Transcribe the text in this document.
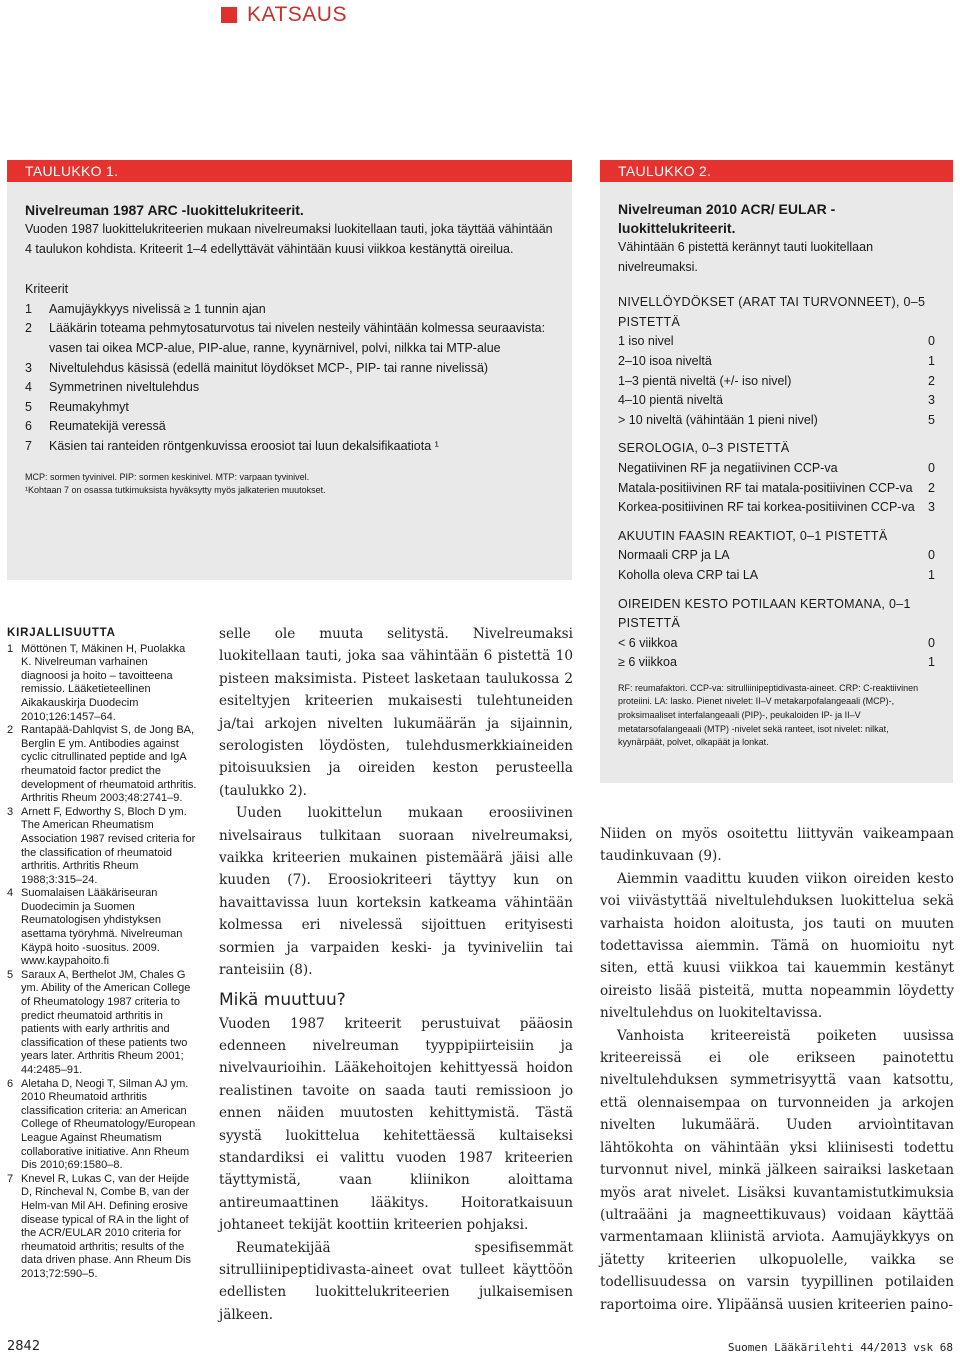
KATSAUS
TAULUKKO 1.
Nivelreuman 1987 ARC -luokittelukriteerit.
Vuoden 1987 luokittelukriteerien mukaan nivelreumaksi luokitellaan tauti, joka täyttää vähintään 4 taulukon kohdista. Kriteerit 1–4 edellyttävät vähintään kuusi viikkoa kestänyttä oireilua.
Kriteerit
1	Aamujäykkyys nivelissä ≥ 1 tunnin ajan
2	Lääkärin toteama pehmytosaturvotus tai nivelen nesteily vähintään kolmessa seuraavista: vasen tai oikea MCP-alue, PIP-alue, ranne, kyynärnivel, polvi, nilkka tai MTP-alue
3	Niveltulehdus käsissä (edellä mainitut löydökset MCP-, PIP- tai ranne nivelissä)
4	Symmetrinen niveltulehdus
5	Reumakyhmyt
6	Reumatekijä veressä
7	Käsien tai ranteiden röntgenkuvissa eroosiot tai luun dekalsifikaatiota ¹
MCP: sormen tyvinivel. PIP: sormen keskinivel. MTP: varpaan tyvinivel.
¹Kohtaan 7 on osassa tutkimuksista hyväksytty myös jalkaterien muutokset.
TAULUKKO 2.
Nivelreuman 2010 ACR/ EULAR -luokittelukriteerit.
Vähintään 6 pistettä kerännyt tauti luokitellaan nivelreumaksi.
NIVELLÖYDÖKSET (ARAT TAI TURVONNEET), 0–5 PISTETTÄ
1 iso nivel	0
2–10 isoa niveltä	1
1–3 pientä niveltä (+/- iso nivel)	2
4–10 pientä niveltä	3
> 10 niveltä (vähintään 1 pieni nivel)	5
SEROLOGIA, 0–3 PISTETTÄ
Negatiivinen RF ja negatiivinen CCP-va	0
Matala-positiivinen RF tai matala-positiivinen CCP-va	2
Korkea-positiivinen RF tai korkea-positiivinen CCP-va	3
AKUUTIN FAASIN REAKTIOT, 0–1 PISTETTÄ
Normaali CRP ja LA	0
Koholla oleva CRP tai LA	1
OIREIDEN KESTO POTILAAN KERTOMANA, 0–1 PISTETTÄ
< 6 viikkoa	0
≥ 6 viikkoa	1
RF: reumafaktori. CCP-va: sitrulliinipeptidivasta-aineet. CRP: C-reaktiivinen proteiini. LA: lasko. Pienet nivelet: II–V metakarpofalangeaali (MCP)-, proksimaaliset interfalangeaali (PIP)-, peukaloiden IP- ja II–V metatarsofalangeaali (MTP) -nivelet sekä ranteet, isot nivelet: nilkat, kyynärpäät, polvet, olkapäät ja lonkat.
KIRJALLISUUTTA
1 Möttönen T, Mäkinen H, Puolakka K. Nivelreuman varhainen diagnoosi ja hoito – tavoitteena remissio. Lääketieteellinen Aikakauskirja Duodecim 2010;126:1457–64.
2 Rantapää-Dahlqvist S, de Jong BA, Berglin E ym. Antibodies against cyclic citrullinated peptide and IgA rheumatoid factor predict the development of rheumatoid arthritis. Arthritis Rheum 2003;48:2741–9.
3 Arnett F, Edworthy S, Bloch D ym. The American Rheumatism Association 1987 revised criteria for the classification of rheumatoid arthritis. Arthritis Rheum 1988;3:315–24.
4 Suomalaisen Lääkäriseuran Duodecimin ja Suomen Reumatologisen yhdistyksen asettama työryhmä. Nivelreuman Käypä hoito -suositus. 2009. www.kaypahoito.fi
5 Saraux A, Berthelot JM, Chales G ym. Ability of the American College of Rheumatology 1987 criteria to predict rheumatoid arthritis in patients with early arthritis and classification of these patients two years later. Arthritis Rheum 2001; 44:2485–91.
6 Aletaha D, Neogi T, Silman AJ ym. 2010 Rheumatoid arthritis classification criteria: an American College of Rheumatology/European League Against Rheumatism collaborative initiative. Ann Rheum Dis 2010;69:1580–8.
7 Knevel R, Lukas C, van der Heijde D, Rincheval N, Combe B, van der Helm-van Mil AH. Defining erosive disease typical of RA in the light of the ACR/EULAR 2010 criteria for rheumatoid arthritis; results of the data driven phase. Ann Rheum Dis 2013;72:590–5.

selle ole muuta selitystä. Nivelreumaksi luokitellaan tauti, joka saa vähintään 6 pistettä 10 pisteen maksimista. Pisteet lasketaan taulukossa 2 esiteltyjen kriteerien mukaisesti tulehtuneiden ja/tai arkojen nivelten lukumäärän ja sijainnin, serologisten löydösten, tulehdusmerkkiaineiden pitoisuuksien ja oireiden keston perusteella (taulukko 2).

Uuden luokittelun mukaan eroosiivinen nivelsairaus tulkitaan suoraan nivelreumaksi, vaikka kriteerien mukainen pistemäärä jäisi alle kuuden (7). Eroosiokriteeri täyttyy kun on havaittavissa luun korteksin katkeama vähintään kolmessa eri nivelessä sijoittuen erityisesti sormien ja varpaiden keski- ja tyviniveliin tai ranteisiin (8).

Mikä muuttuu?

Vuoden 1987 kriteerit perustuivat pääosin edenneen nivelreuman tyyppipiirteisiin ja nivelvaurioihin. Lääkehoitojen kehittyessä hoidon realistinen tavoite on saada tauti remissioon jo ennen näiden muutosten kehittymistä. Tästä syystä luokittelua kehitettäessä kultaiseksi standardiksi ei valittu vuoden 1987 kriteerien täyttymistä, vaan kliinikon aloittama antireumaattinen lääkitys. Hoitoratkaisuun johtaneet tekijät koottiin kriteerien pohjaksi.

Reumatekijää spesifisemmät sitrulliinipeptidivasta-aineet ovat tulleet käyttöön edellisten luokittelukriteerien julkaisemisen jälkeen.

Niiden on myös osoitettu liittyvän vaikeampaan taudinkuvaan (9).

Aiemmin vaadittu kuuden viikon oireiden kesto voi viivästyttää niveltulehduksen luokittelua sekä varhaista hoidon aloitusta, jos tauti on muuten todettavissa aiemmin. Tämä on huomioitu nyt siten, että kuusi viikkoa tai kauemmin kestänyt oireisto lisää pisteitä, mutta nopeammin löydetty niveltulehdus on luokiteltavissa.

Vanhoista kriteereistä poiketen uusissa kriteereissä ei ole erikseen painotettu niveltulehduksen symmetrisyyttä vaan katsottu, että olennaisempaa on turvonneiden ja arkojen nivelten lukumäärä. Uuden arvioìntitavan lähtökohta on vähintään yksi kliinisesti todettu turvonnut nivel, minkä jälkeen sairaiksi lasketaan myös arat nivelet. Lisäksi kuvantamistutkimuksia (ultraääni ja magneettikuvaus) voidaan käyttää varmentamaan kliinistä arviota. Aamujäykkyys on jätetty kriteerien ulkopuolelle, vaikka se todellisuudessa on varsin tyypillinen potilaiden raportoima oire. Ylipäänsä uusien kriteerien paino-

2842	Suomen Lääkärilehti 44/2013 vsk 68
